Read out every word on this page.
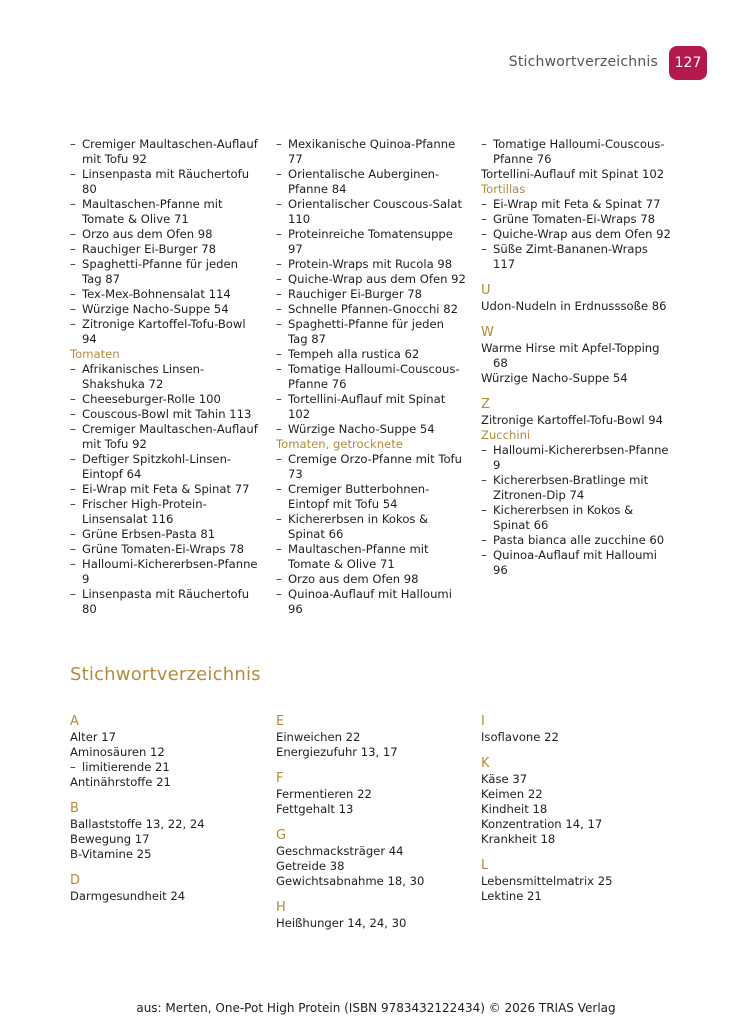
Stichwortverzeichnis	127
– Cremiger Maultaschen-Auflauf mit Tofu 92
– Linsenpasta mit Räuchertofu 80
– Maultaschen-Pfanne mit Tomate & Olive 71
– Orzo aus dem Ofen 98
– Rauchiger Ei-Burger 78
– Spaghetti-Pfanne für jeden Tag 87
– Tex-Mex-Bohnensalat 114
– Würzige Nacho-Suppe 54
– Zitronige Kartoffel-Tofu-Bowl 94
Tomaten
– Afrikanisches Linsen-Shakshuka 72
– Cheeseburger-Rolle 100
– Couscous-Bowl mit Tahin 113
– Cremiger Maultaschen-Auflauf mit Tofu 92
– Deftiger Spitzkohl-Linsen-Eintopf 64
– Ei-Wrap mit Feta & Spinat 77
– Frischer High-Protein-Linsensalat 116
– Grüne Erbsen-Pasta 81
– Grüne Tomaten-Ei-Wraps 78
– Halloumi-Kichererbsen-Pfanne 9
– Linsenpasta mit Räuchertofu 80
– Mexikanische Quinoa-Pfanne 77
– Orientalische Auberginen-Pfanne 84
– Orientalischer Couscous-Salat 110
– Proteinreiche Tomatensuppe 97
– Protein-Wraps mit Rucola 98
– Quiche-Wrap aus dem Ofen 92
– Rauchiger Ei-Burger 78
– Schnelle Pfannen-Gnocchi 82
– Spaghetti-Pfanne für jeden Tag 87
– Tempeh alla rustica 62
– Tomatige Halloumi-Couscous-Pfanne 76
– Tortellini-Auflauf mit Spinat 102
– Würzige Nacho-Suppe 54
Tomaten, getrocknete
– Cremige Orzo-Pfanne mit Tofu 73
– Cremiger Butterbohnen-Eintopf mit Tofu 54
– Kichererbsen in Kokos & Spinat 66
– Maultaschen-Pfanne mit Tomate & Olive 71
– Orzo aus dem Ofen 98
– Quinoa-Auflauf mit Halloumi 96
– Tomatige Halloumi-Couscous-Pfanne 76
Tortellini-Auflauf mit Spinat 102
Tortillas
– Ei-Wrap mit Feta & Spinat 77
– Grüne Tomaten-Ei-Wraps 78
– Quiche-Wrap aus dem Ofen 92
– Süße Zimt-Bananen-Wraps 117
U
Udon-Nudeln in Erdnusssoße 86
W
Warme Hirse mit Apfel-Topping 68
Würzige Nacho-Suppe 54
Z
Zitronige Kartoffel-Tofu-Bowl 94
Zucchini
– Halloumi-Kichererbsen-Pfanne 9
– Kichererbsen-Bratlinge mit Zitronen-Dip 74
– Kichererbsen in Kokos & Spinat 66
– Pasta bianca alle zucchine 60
– Quinoa-Auflauf mit Halloumi 96
Stichwortverzeichnis
A
Alter 17
Aminosäuren 12
– limitierende 21
Antinährstoffe 21
B
Ballaststoffe 13, 22, 24
Bewegung 17
B-Vitamine 25
D
Darmgesundheit 24
E
Einweichen 22
Energiezufuhr 13, 17
F
Fermentieren 22
Fettgehalt 13
G
Geschmacksträger 44
Getreide 38
Gewichtsabnahme 18, 30
H
Heißhunger 14, 24, 30
I
Isoflavone 22
K
Käse 37
Keimen 22
Kindheit 18
Konzentration 14, 17
Krankheit 18
L
Lebensmittelmatrix 25
Lektine 21
aus: Merten, One-Pot High Protein (ISBN 9783432122434) © 2026 TRIAS Verlag
